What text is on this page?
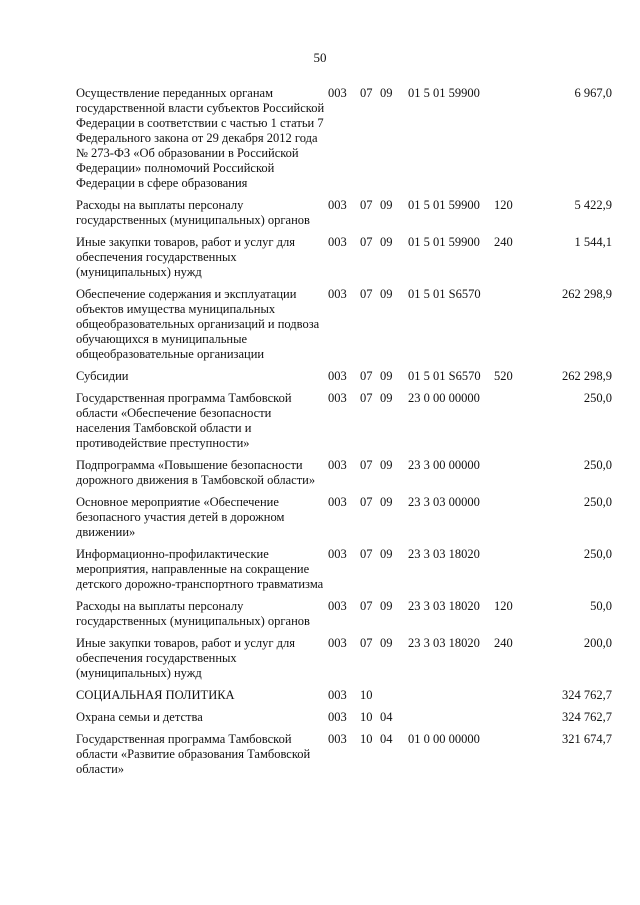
50
Осуществление переданных органам государственной власти субъектов Российской Федерации в соответствии с частью 1 статьи 7 Федерального закона от 29 декабря 2012 года № 273-ФЗ «Об образовании в Российской Федерации» полномочий Российской Федерации в сфере образования	003	07	09	01 5 01 59900		6 967,0
Расходы на выплаты персоналу государственных (муниципальных) органов	003	07	09	01 5 01 59900	120	5 422,9
Иные закупки товаров, работ и услуг для обеспечения государственных (муниципальных) нужд	003	07	09	01 5 01 59900	240	1 544,1
Обеспечение содержания и эксплуатации объектов имущества муниципальных общеобразовательных организаций и подвоза обучающихся в муниципальные общеобразовательные организации	003	07	09	01 5 01 S6570		262 298,9
Субсидии	003	07	09	01 5 01 S6570	520	262 298,9
Государственная программа Тамбовской области «Обеспечение безопасности населения Тамбовской области и противодействие преступности»	003	07	09	23 0 00 00000		250,0
Подпрограмма «Повышение безопасности дорожного движения в Тамбовской области»	003	07	09	23 3 00 00000		250,0
Основное мероприятие «Обеспечение безопасного участия детей в дорожном движении»	003	07	09	23 3 03 00000		250,0
Информационно-профилактические мероприятия, направленные на сокращение детского дорожно-транспортного травматизма	003	07	09	23 3 03 18020		250,0
Расходы на выплаты персоналу государственных (муниципальных) органов	003	07	09	23 3 03 18020	120	50,0
Иные закупки товаров, работ и услуг для обеспечения государственных (муниципальных) нужд	003	07	09	23 3 03 18020	240	200,0
СОЦИАЛЬНАЯ ПОЛИТИКА	003	10				324 762,7
Охрана семьи и детства	003	10	04			324 762,7
Государственная программа Тамбовской области «Развитие образования Тамбовской области»	003	10	04	01 0 00 00000		321 674,7
